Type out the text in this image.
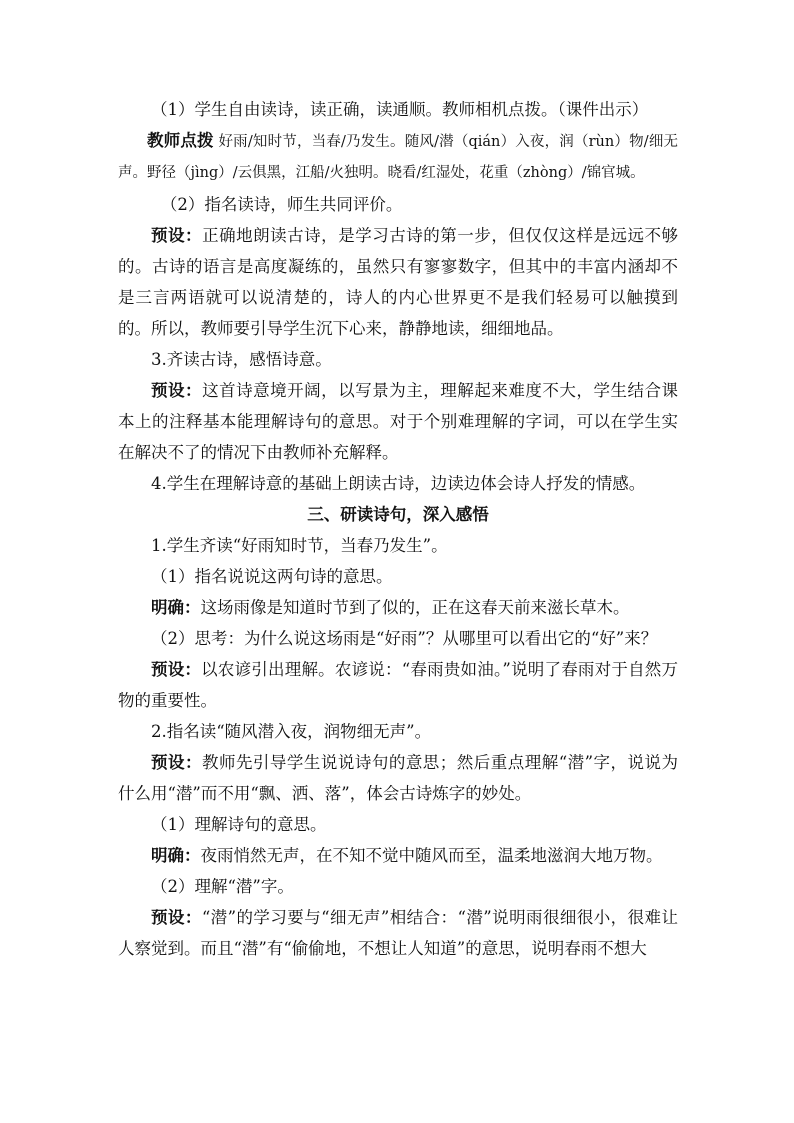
（1）学生自由读诗，读正确，读通顺。教师相机点拨。（课件出示）

教师点拨 好雨/知时节，当春/乃发生。随风/潜（qián）入夜，润（rùn）物/细无声。野径（jìng）/云俱黑，江船/火独明。晓看/红湿处，花重（zhòng）/锦官城。

（2）指名读诗，师生共同评价。

预设：正确地朗读古诗，是学习古诗的第一步，但仅仅这样是远远不够的。古诗的语言是高度凝练的，虽然只有寥寥数字，但其中的丰富内涵却不是三言两语就可以说清楚的，诗人的内心世界更不是我们轻易可以触摸到的。所以，教师要引导学生沉下心来，静静地读，细细地品。

3.齐读古诗，感悟诗意。

预设：这首诗意境开阔，以写景为主，理解起来难度不大，学生结合课本上的注释基本能理解诗句的意思。对于个别难理解的字词，可以在学生实在解决不了的情况下由教师补充解释。

4.学生在理解诗意的基础上朗读古诗，边读边体会诗人抒发的情感。

三、研读诗句，深入感悟

1.学生齐读“好雨知时节，当春乃发生”。

（1）指名说说这两句诗的意思。

明确：这场雨像是知道时节到了似的，正在这春天前来滋长草木。

（2）思考：为什么说这场雨是“好雨”？从哪里可以看出它的“好”来？

预设：以农谚引出理解。农谚说：“春雨贵如油。”说明了春雨对于自然万物的重要性。

2.指名读“随风潜入夜，润物细无声”。

预设：教师先引导学生说说诗句的意思；然后重点理解“潜”字，说说为什么用“潜”而不用“飘、洒、落”，体会古诗炼字的妙处。

（1）理解诗句的意思。

明确：夜雨悄然无声，在不知不觉中随风而至，温柔地滋润大地万物。

（2）理解“潜”字。

预设：“潜”的学习要与“细无声”相结合：“潜”说明雨很细很小，很难让人察觉到。而且“潜”有“偷偷地，不想让人知道”的意思，说明春雨不想大
